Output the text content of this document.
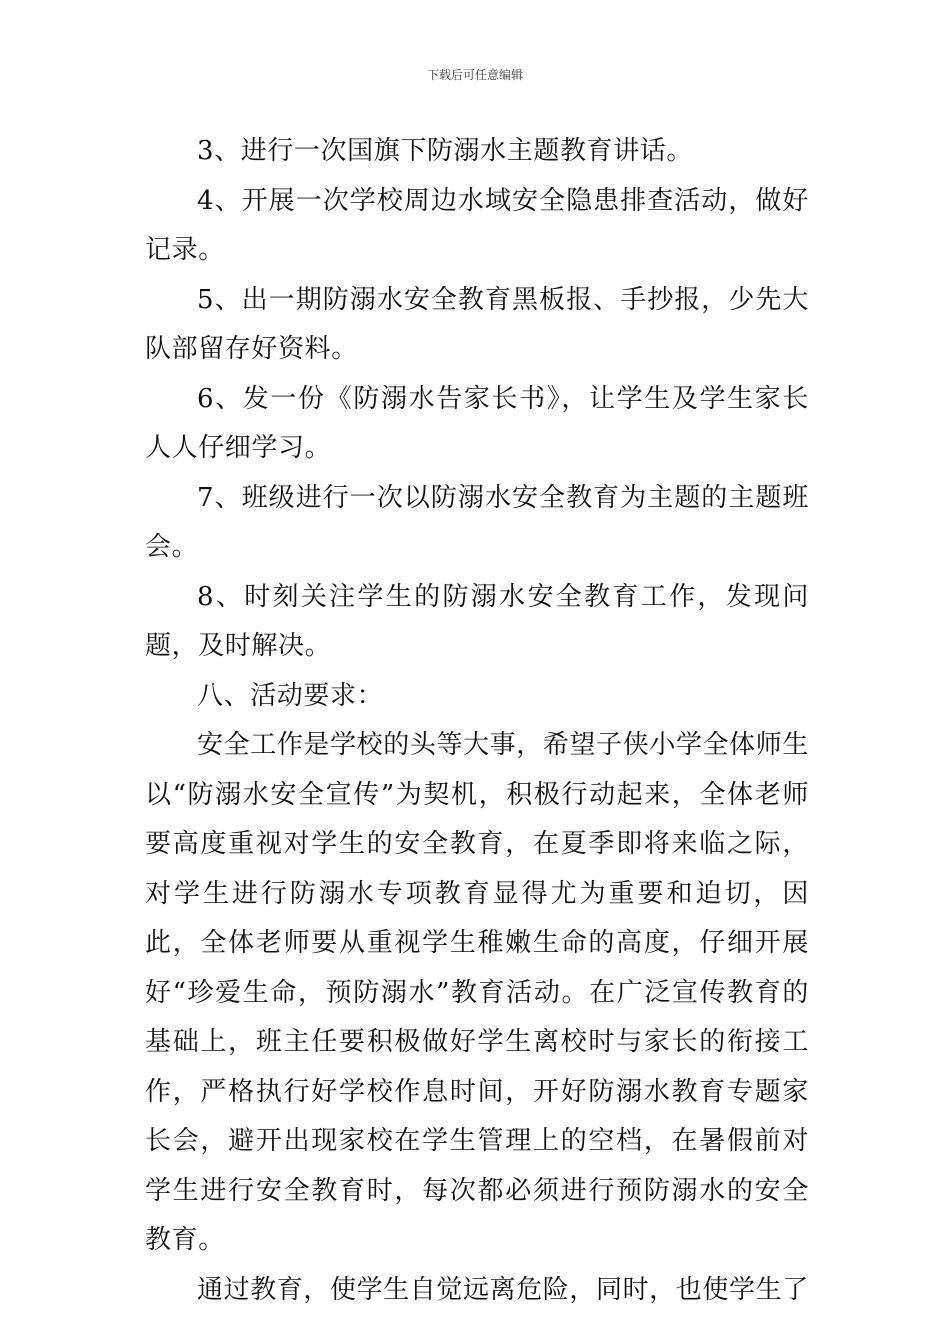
下载后可任意编辑

3、进行一次国旗下防溺水主题教育讲话。

4、开展一次学校周边水域安全隐患排查活动，做好记录。

5、出一期防溺水安全教育黑板报、手抄报，少先大队部留存好资料。

6、发一份《防溺水告家长书》，让学生及学生家长人人仔细学习。

7、班级进行一次以防溺水安全教育为主题的主题班会。

8、时刻关注学生的防溺水安全教育工作，发现问题，及时解决。

八、活动要求：

安全工作是学校的头等大事，希望子侠小学全体师生以“防溺水安全宣传”为契机，积极行动起来，全体老师要高度重视对学生的安全教育，在夏季即将来临之际，对学生进行防溺水专项教育显得尤为重要和迫切，因此，全体老师要从重视学生稚嫩生命的高度，仔细开展好“珍爱生命，预防溺水”教育活动。在广泛宣传教育的基础上，班主任要积极做好学生离校时与家长的衔接工作，严格执行好学校作息时间，开好防溺水教育专题家长会，避开出现家校在学生管理上的空档，在暑假前对学生进行安全教育时，每次都必须进行预防溺水的安全教育。

通过教育，使学生自觉远离危险，同时，也使学生了
